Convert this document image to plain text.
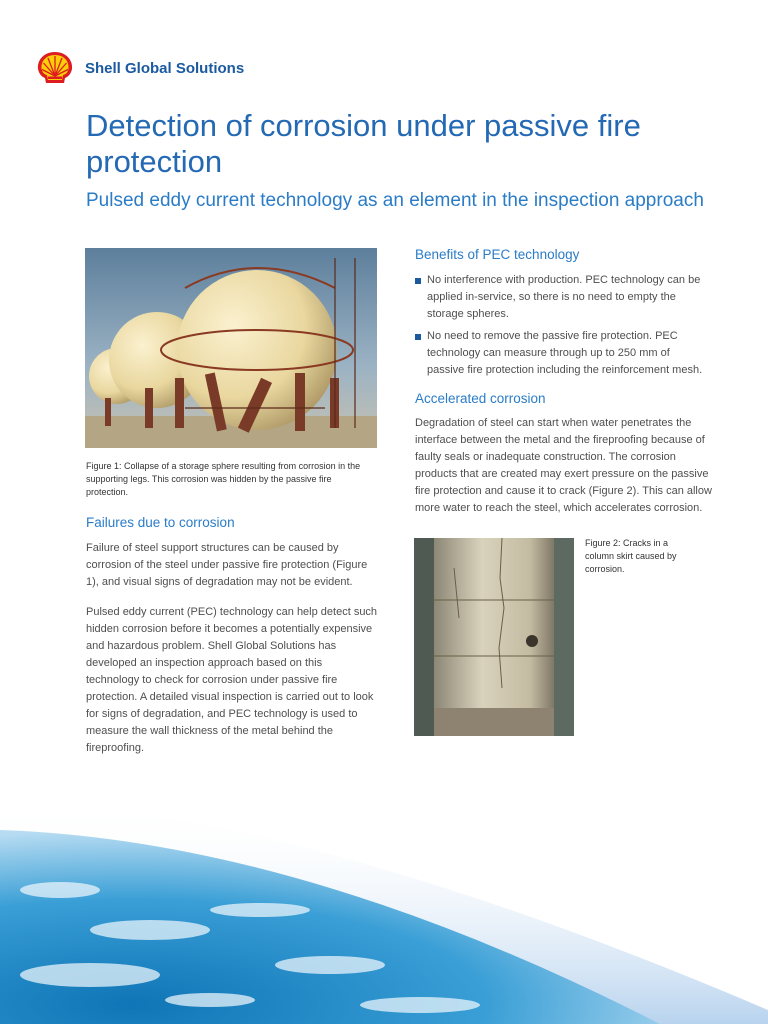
Shell Global Solutions
Detection of corrosion under passive fire protection
Pulsed eddy current technology as an element in the inspection approach

Figure 1: Collapse of a storage sphere resulting from corrosion in the supporting legs. This corrosion was hidden by the passive fire protection.

Failures due to corrosion

Failure of steel support structures can be caused by corrosion of the steel under passive fire protection (Figure 1), and visual signs of degradation may not be evident.

Pulsed eddy current (PEC) technology can help detect such hidden corrosion before it becomes a potentially expensive and hazardous problem. Shell Global Solutions has developed an inspection approach based on this technology to check for corrosion under passive fire protection. A detailed visual inspection is carried out to look for signs of degradation, and PEC technology is used to measure the wall thickness of the metal behind the fireproofing.

Benefits of PEC technology
No interference with production. PEC technology can be applied in-service, so there is no need to empty the storage spheres.
No need to remove the passive fire protection. PEC technology can measure through up to 250 mm of passive fire protection including the reinforcement mesh.
Accelerated corrosion

Degradation of steel can start when water penetrates the interface between the metal and the fireproofing because of faulty seals or inadequate construction. The corrosion products that are created may exert pressure on the passive fire protection and cause it to crack (Figure 2). This can allow more water to reach the steel, which accelerates corrosion.

Figure 2: Cracks in a column skirt caused by corrosion.
